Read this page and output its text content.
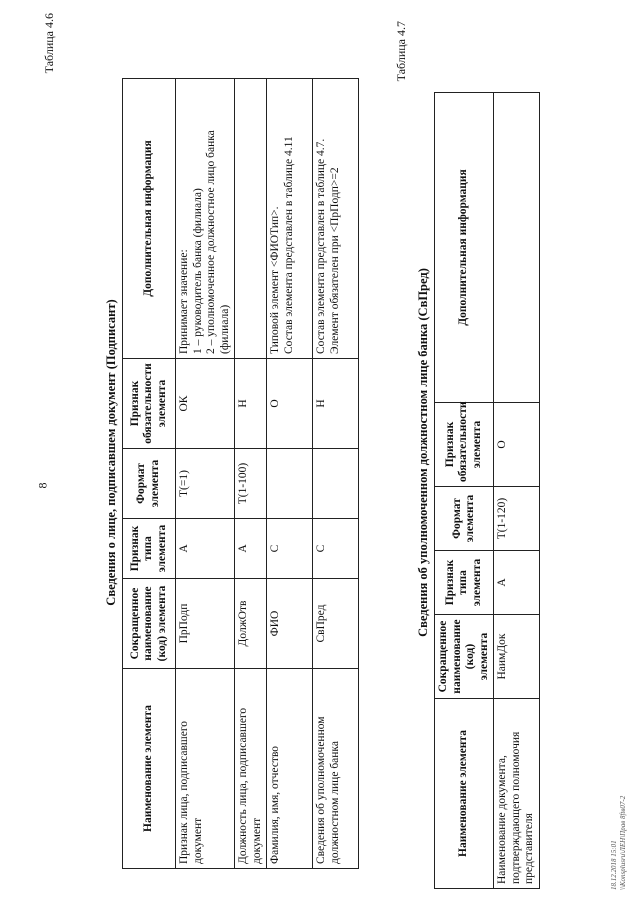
8
Таблица 4.6
Сведения о лице, подписавшем документ (Подписант)
Наименование элемента	Сокращенное наименование (код) элемента	Признак типа элемента	Формат элемента	Признак обязательности элемента	Дополнительная информация
Признак лица, подписавшего документ	ПрПодп	А	Т(=1)	ОК	Принимает значение:
1 – руководитель банка (филиала)
2 – уполномоченное должностное лицо банка (филиала)
Должность лица, подписавшего документ	ДолжОтв	А	Т(1-100)	Н	
Фамилия, имя, отчество	ФИО	С		О	Типовой элемент <ФИОТип>.
Состав элемента представлен в таблице 4.11
Сведения об уполномоченном должностном лице банка	СвПред	С		Н	Состав элемента представлен в таблице 4.7.
Элемент обязателен при <ПрПодп>=2
Таблица 4.7
Сведения об уполномоченном должностном лице банка (СвПред)
Наименование элемента	Сокращенное наименование (код) элемента	Признак типа элемента	Формат элемента	Признак обязательности элемента	Дополнительная информация
Наименование документа, подтверждающего полномочия представителя	НаимДок	А	Т(1-120)	О	
18.12.2018 15:01 \\Konsplusru\ЛЕН\Прав 8ftв07-2
